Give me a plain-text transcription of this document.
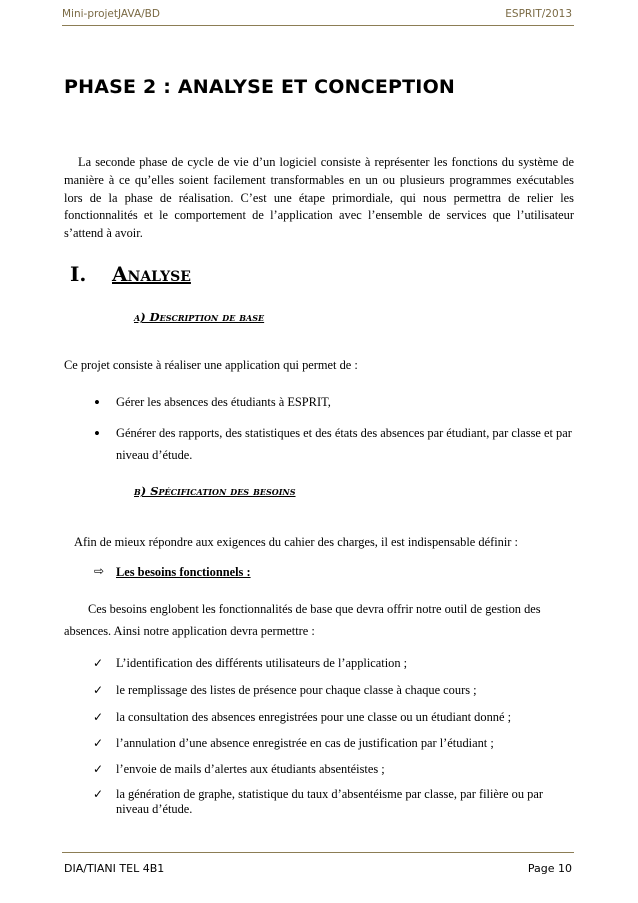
Mini-projetJAVA/BD	ESPRIT/2013
PHASE 2 : ANALYSE ET CONCEPTION

La seconde phase de cycle de vie d’un logiciel consiste à représenter les fonctions du système de manière à ce qu’elles soient facilement transformables en un ou plusieurs programmes exécutables lors de la phase de réalisation. C’est une étape primordiale, qui nous permettra de relier les fonctionnalités et le comportement de l’application avec l’ensemble de services que l’utilisateur s’attend à avoir.

I. Analyse
a) Description de base

Ce projet consiste à réaliser une application qui permet de :

• Gérer les absences des étudiants à ESPRIT,

• Générer des rapports, des statistiques et des états des absences par étudiant, par classe et par niveau d’étude.

b) Spécification des besoins

Afin de mieux répondre aux exigences du cahier des charges, il est indispensable définir :

⇨ Les besoins fonctionnels :

Ces besoins englobent les fonctionnalités de base que devra offrir notre outil de gestion des absences. Ainsi notre application devra permettre :

✓ L’identification des différents utilisateurs de l’application ;

✓ le remplissage des listes de présence pour chaque classe à chaque cours ;

✓ la consultation des absences enregistrées pour une classe ou un étudiant donné ;

✓ l’annulation d’une absence enregistrée en cas de justification par l’étudiant ;

✓ l’envoie de mails d’alertes aux étudiants absentéistes ;

✓ la génération de graphe, statistique du taux d’absentéisme par classe, par filière ou par niveau d’étude.

DIA/TIANI TEL 4B1	Page 10
